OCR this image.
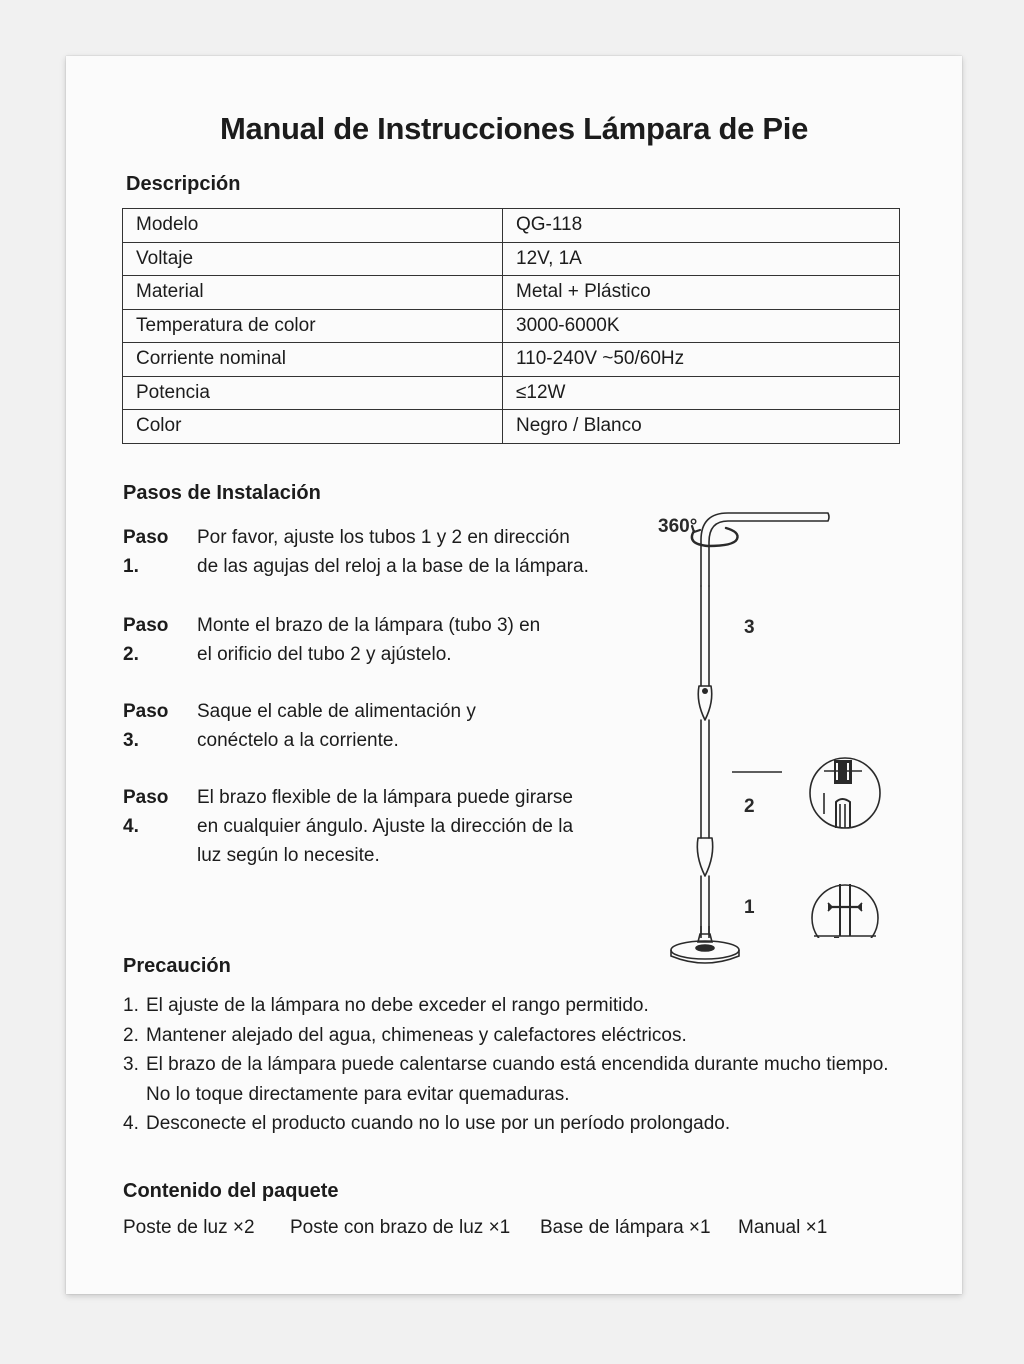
Manual de Instrucciones Lámpara de Pie
Descripción
Modelo	QG-118
Voltaje	12V, 1A
Material	Metal + Plástico
Temperatura de color	3000-6000K
Corriente nominal	110-240V ~50/60Hz
Potencia	≤12W
Color	Negro / Blanco
Pasos de Instalación
Paso 1.
Por favor, ajuste los tubos 1 y 2 en dirección
de las agujas del reloj a la base de la lámpara.
Paso 2.
Monte el brazo de la lámpara (tubo 3) en
el orificio del tubo 2 y ajústelo.
Paso 3.
Saque el cable de alimentación y
conéctelo a la corriente.
Paso 4.
El brazo flexible de la lámpara puede girarse
en cualquier ángulo. Ajuste la dirección de la
luz según lo necesite.
360°
3
2
1
Precaución
1. El ajuste de la lámpara no debe exceder el rango permitido.
2. Mantener alejado del agua, chimeneas y calefactores eléctricos.
3. El brazo de la lámpara puede calentarse cuando está encendida durante mucho tiempo.
No lo toque directamente para evitar quemaduras.
4. Desconecte el producto cuando no lo use por un período prolongado.
Contenido del paquete
Poste de luz ×2 Poste con brazo de luz ×1 Base de lámpara ×1 Manual ×1
